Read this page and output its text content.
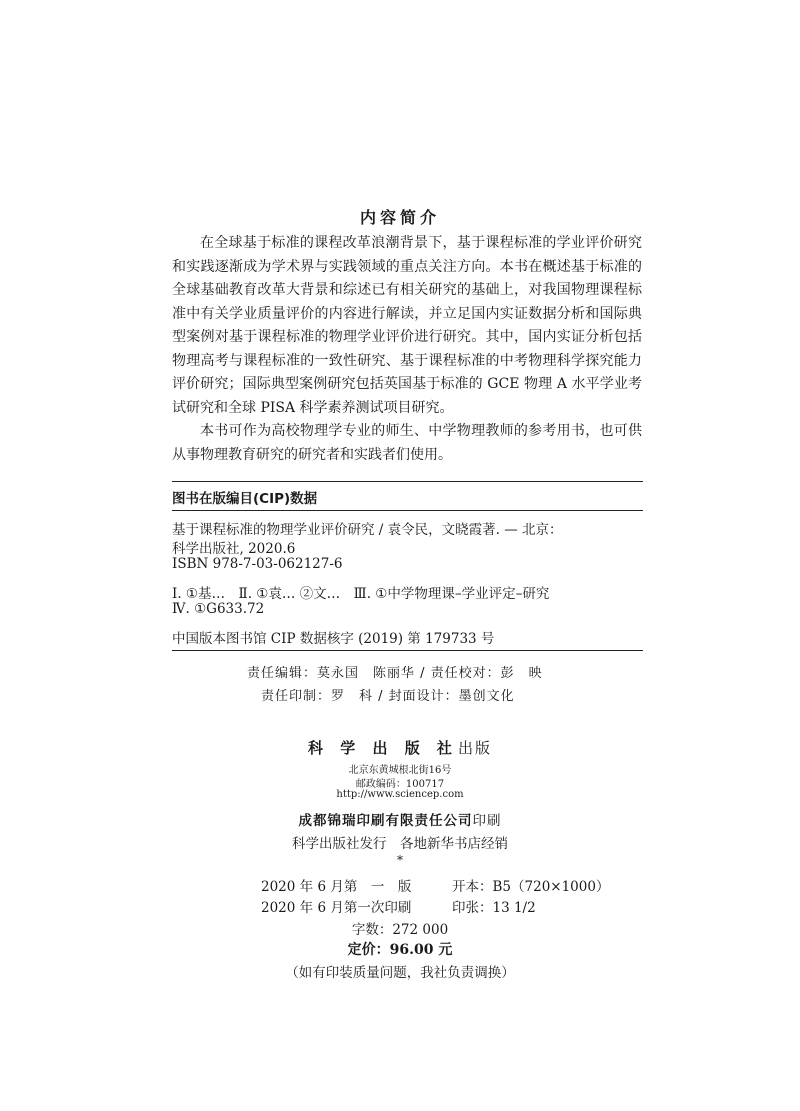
内容简介

在全球基于标准的课程改革浪潮背景下，基于课程标准的学业评价研究和实践逐渐成为学术界与实践领域的重点关注方向。本书在概述基于标准的全球基础教育改革大背景和综述已有相关研究的基础上，对我国物理课程标准中有关学业质量评价的内容进行解读，并立足国内实证数据分析和国际典型案例对基于课程标准的物理学业评价进行研究。其中，国内实证分析包括物理高考与课程标准的一致性研究、基于课程标准的中考物理科学探究能力评价研究；国际典型案例研究包括英国基于标准的 GCE 物理 A 水平学业考试研究和全球 PISA 科学素养测试项目研究。

本书可作为高校物理学专业的师生、中学物理教师的参考用书，也可供从事物理教育研究的研究者和实践者们使用。

图书在版编目(CIP)数据
基于课程标准的物理学业评价研究 / 袁令民，文晓霞著. — 北京：
科学出版社, 2020.6
ISBN 978-7-03-062127-6
Ⅰ. ①基…　Ⅱ. ①袁… ②文…　Ⅲ. ①中学物理课–学业评定–研究
Ⅳ. ①G633.72
中国版本图书馆 CIP 数据核字 (2019) 第 179733 号
责任编辑：莫永国　陈丽华 / 责任校对：彭　映
责任印制：罗　科 / 封面设计：墨创文化
科 学 出 版 社出版
北京东黄城根北街16号
邮政编码：100717
http://www.sciencep.com
成都锦瑞印刷有限责任公司印刷
科学出版社发行　各地新华书店经销
*
2020 年 6 月第　一　版	开本：B5（720×1000）
2020 年 6 月第一次印刷	印张：13 1/2
字数：272 000
定价：96.00 元
（如有印装质量问题，我社负责调换）
